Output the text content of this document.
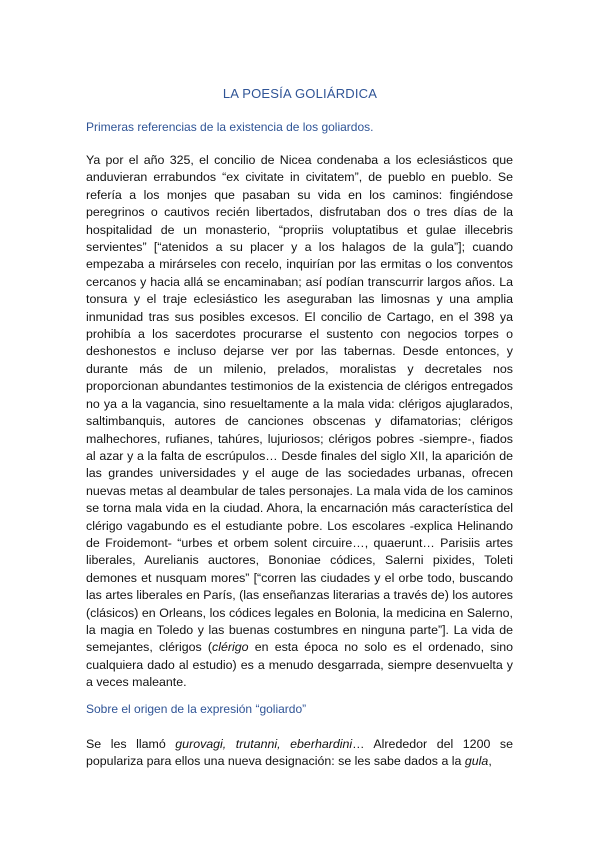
LA POESÍA GOLIÁRDICA
Primeras referencias de la existencia de los goliardos.
Ya por el año 325, el concilio de Nicea condenaba a los eclesiásticos que anduvieran errabundos “ex civitate in civitatem”, de pueblo en pueblo. Se refería a los monjes que pasaban su vida en los caminos: fingiéndose peregrinos o cautivos recién libertados, disfrutaban dos o tres días de la hospitalidad de un monasterio, “propriis voluptatibus et gulae illecebris servientes” [“atenidos a su placer y a los halagos de la gula”]; cuando empezaba a mirárseles con recelo, inquirían por las ermitas o los conventos cercanos y hacia allá se encaminaban; así podían transcurrir largos años. La tonsura y el traje eclesiástico les aseguraban las limosnas y una amplia inmunidad tras sus posibles excesos. El concilio de Cartago, en el 398 ya prohibía a los sacerdotes procurarse el sustento con negocios torpes o deshonestos e incluso dejarse ver por las tabernas. Desde entonces, y durante más de un milenio, prelados, moralistas y decretales nos proporcionan abundantes testimonios de la existencia de clérigos entregados no ya a la vagancia, sino resueltamente a la mala vida: clérigos ajuglarados, saltimbanquis, autores de canciones obscenas y difamatorias; clérigos malhechores, rufianes, tahúres, lujuriosos; clérigos pobres -siempre-, fiados al azar y a la falta de escrúpulos… Desde finales del siglo XII, la aparición de las grandes universidades y el auge de las sociedades urbanas, ofrecen nuevas metas al deambular de tales personajes. La mala vida de los caminos se torna mala vida en la ciudad. Ahora, la encarnación más característica del clérigo vagabundo es el estudiante pobre. Los escolares -explica Helinando de Froidemont- “urbes et orbem solent circuire…, quaerunt… Parisiis artes liberales, Aurelianis auctores, Bononiae códices, Salerni pixides, Toleti demones et nusquam mores” [“corren las ciudades y el orbe todo, buscando las artes liberales en París, (las enseñanzas literarias a través de) los autores (clásicos) en Orleans, los códices legales en Bolonia, la medicina en Salerno, la magia en Toledo y las buenas costumbres en ninguna parte”]. La vida de semejantes, clérigos (clérigo en esta época no solo es el ordenado, sino cualquiera dado al estudio) es a menudo desgarrada, siempre desenvuelta y a veces maleante.
Sobre el origen de la expresión “goliardo”
Se les llamó gurovagi, trutanni, eberhardini… Alrededor del 1200 se populariza para ellos una nueva designación: se les sabe dados a la gula,
